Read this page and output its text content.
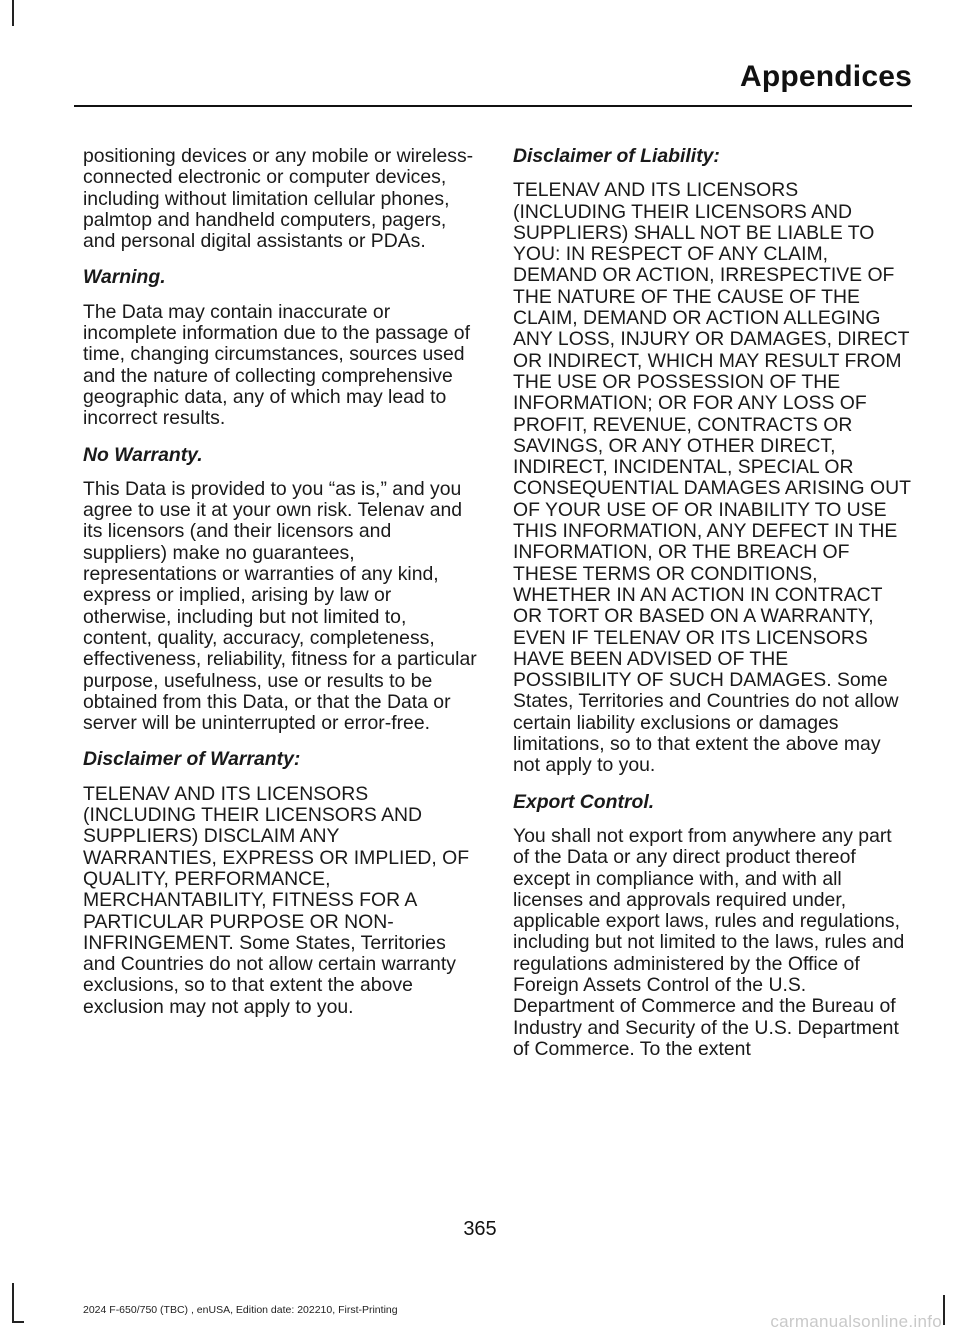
Appendices

positioning devices or any mobile or wireless-connected electronic or computer devices, including without limitation cellular phones, palmtop and handheld computers, pagers, and personal digital assistants or PDAs.

Warning.

The Data may contain inaccurate or incomplete information due to the passage of time, changing circumstances, sources used and the nature of collecting comprehensive geographic data, any of which may lead to incorrect results.

No Warranty.

This Data is provided to you “as is,” and you agree to use it at your own risk. Telenav and its licensors (and their licensors and suppliers) make no guarantees, representations or warranties of any kind, express or implied, arising by law or otherwise, including but not limited to, content, quality, accuracy, completeness, effectiveness, reliability, fitness for a particular purpose, usefulness, use or results to be obtained from this Data, or that the Data or server will be uninterrupted or error-free.

Disclaimer of Warranty:

TELENAV AND ITS LICENSORS (INCLUDING THEIR LICENSORS AND SUPPLIERS) DISCLAIM ANY WARRANTIES, EXPRESS OR IMPLIED, OF QUALITY, PERFORMANCE, MERCHANTABILITY, FITNESS FOR A PARTICULAR PURPOSE OR NON-INFRINGEMENT. Some States, Territories and Countries do not allow certain warranty exclusions, so to that extent the above exclusion may not apply to you.

Disclaimer of Liability:

TELENAV AND ITS LICENSORS (INCLUDING THEIR LICENSORS AND SUPPLIERS) SHALL NOT BE LIABLE TO YOU: IN RESPECT OF ANY CLAIM, DEMAND OR ACTION, IRRESPECTIVE OF THE NATURE OF THE CAUSE OF THE CLAIM, DEMAND OR ACTION ALLEGING ANY LOSS, INJURY OR DAMAGES, DIRECT OR INDIRECT, WHICH MAY RESULT FROM THE USE OR POSSESSION OF THE INFORMATION; OR FOR ANY LOSS OF PROFIT, REVENUE, CONTRACTS OR SAVINGS, OR ANY OTHER DIRECT, INDIRECT, INCIDENTAL, SPECIAL OR CONSEQUENTIAL DAMAGES ARISING OUT OF YOUR USE OF OR INABILITY TO USE THIS INFORMATION, ANY DEFECT IN THE INFORMATION, OR THE BREACH OF THESE TERMS OR CONDITIONS, WHETHER IN AN ACTION IN CONTRACT OR TORT OR BASED ON A WARRANTY, EVEN IF TELENAV OR ITS LICENSORS HAVE BEEN ADVISED OF THE POSSIBILITY OF SUCH DAMAGES. Some States, Territories and Countries do not allow certain liability exclusions or damages limitations, so to that extent the above may not apply to you.

Export Control.

You shall not export from anywhere any part of the Data or any direct product thereof except in compliance with, and with all licenses and approvals required under, applicable export laws, rules and regulations, including but not limited to the laws, rules and regulations administered by the Office of Foreign Assets Control of the U.S. Department of Commerce and the Bureau of Industry and Security of the U.S. Department of Commerce. To the extent

365
2024 F-650/750 (TBC) , enUSA, Edition date: 202210, First-Printing
carmanualsonline.info
